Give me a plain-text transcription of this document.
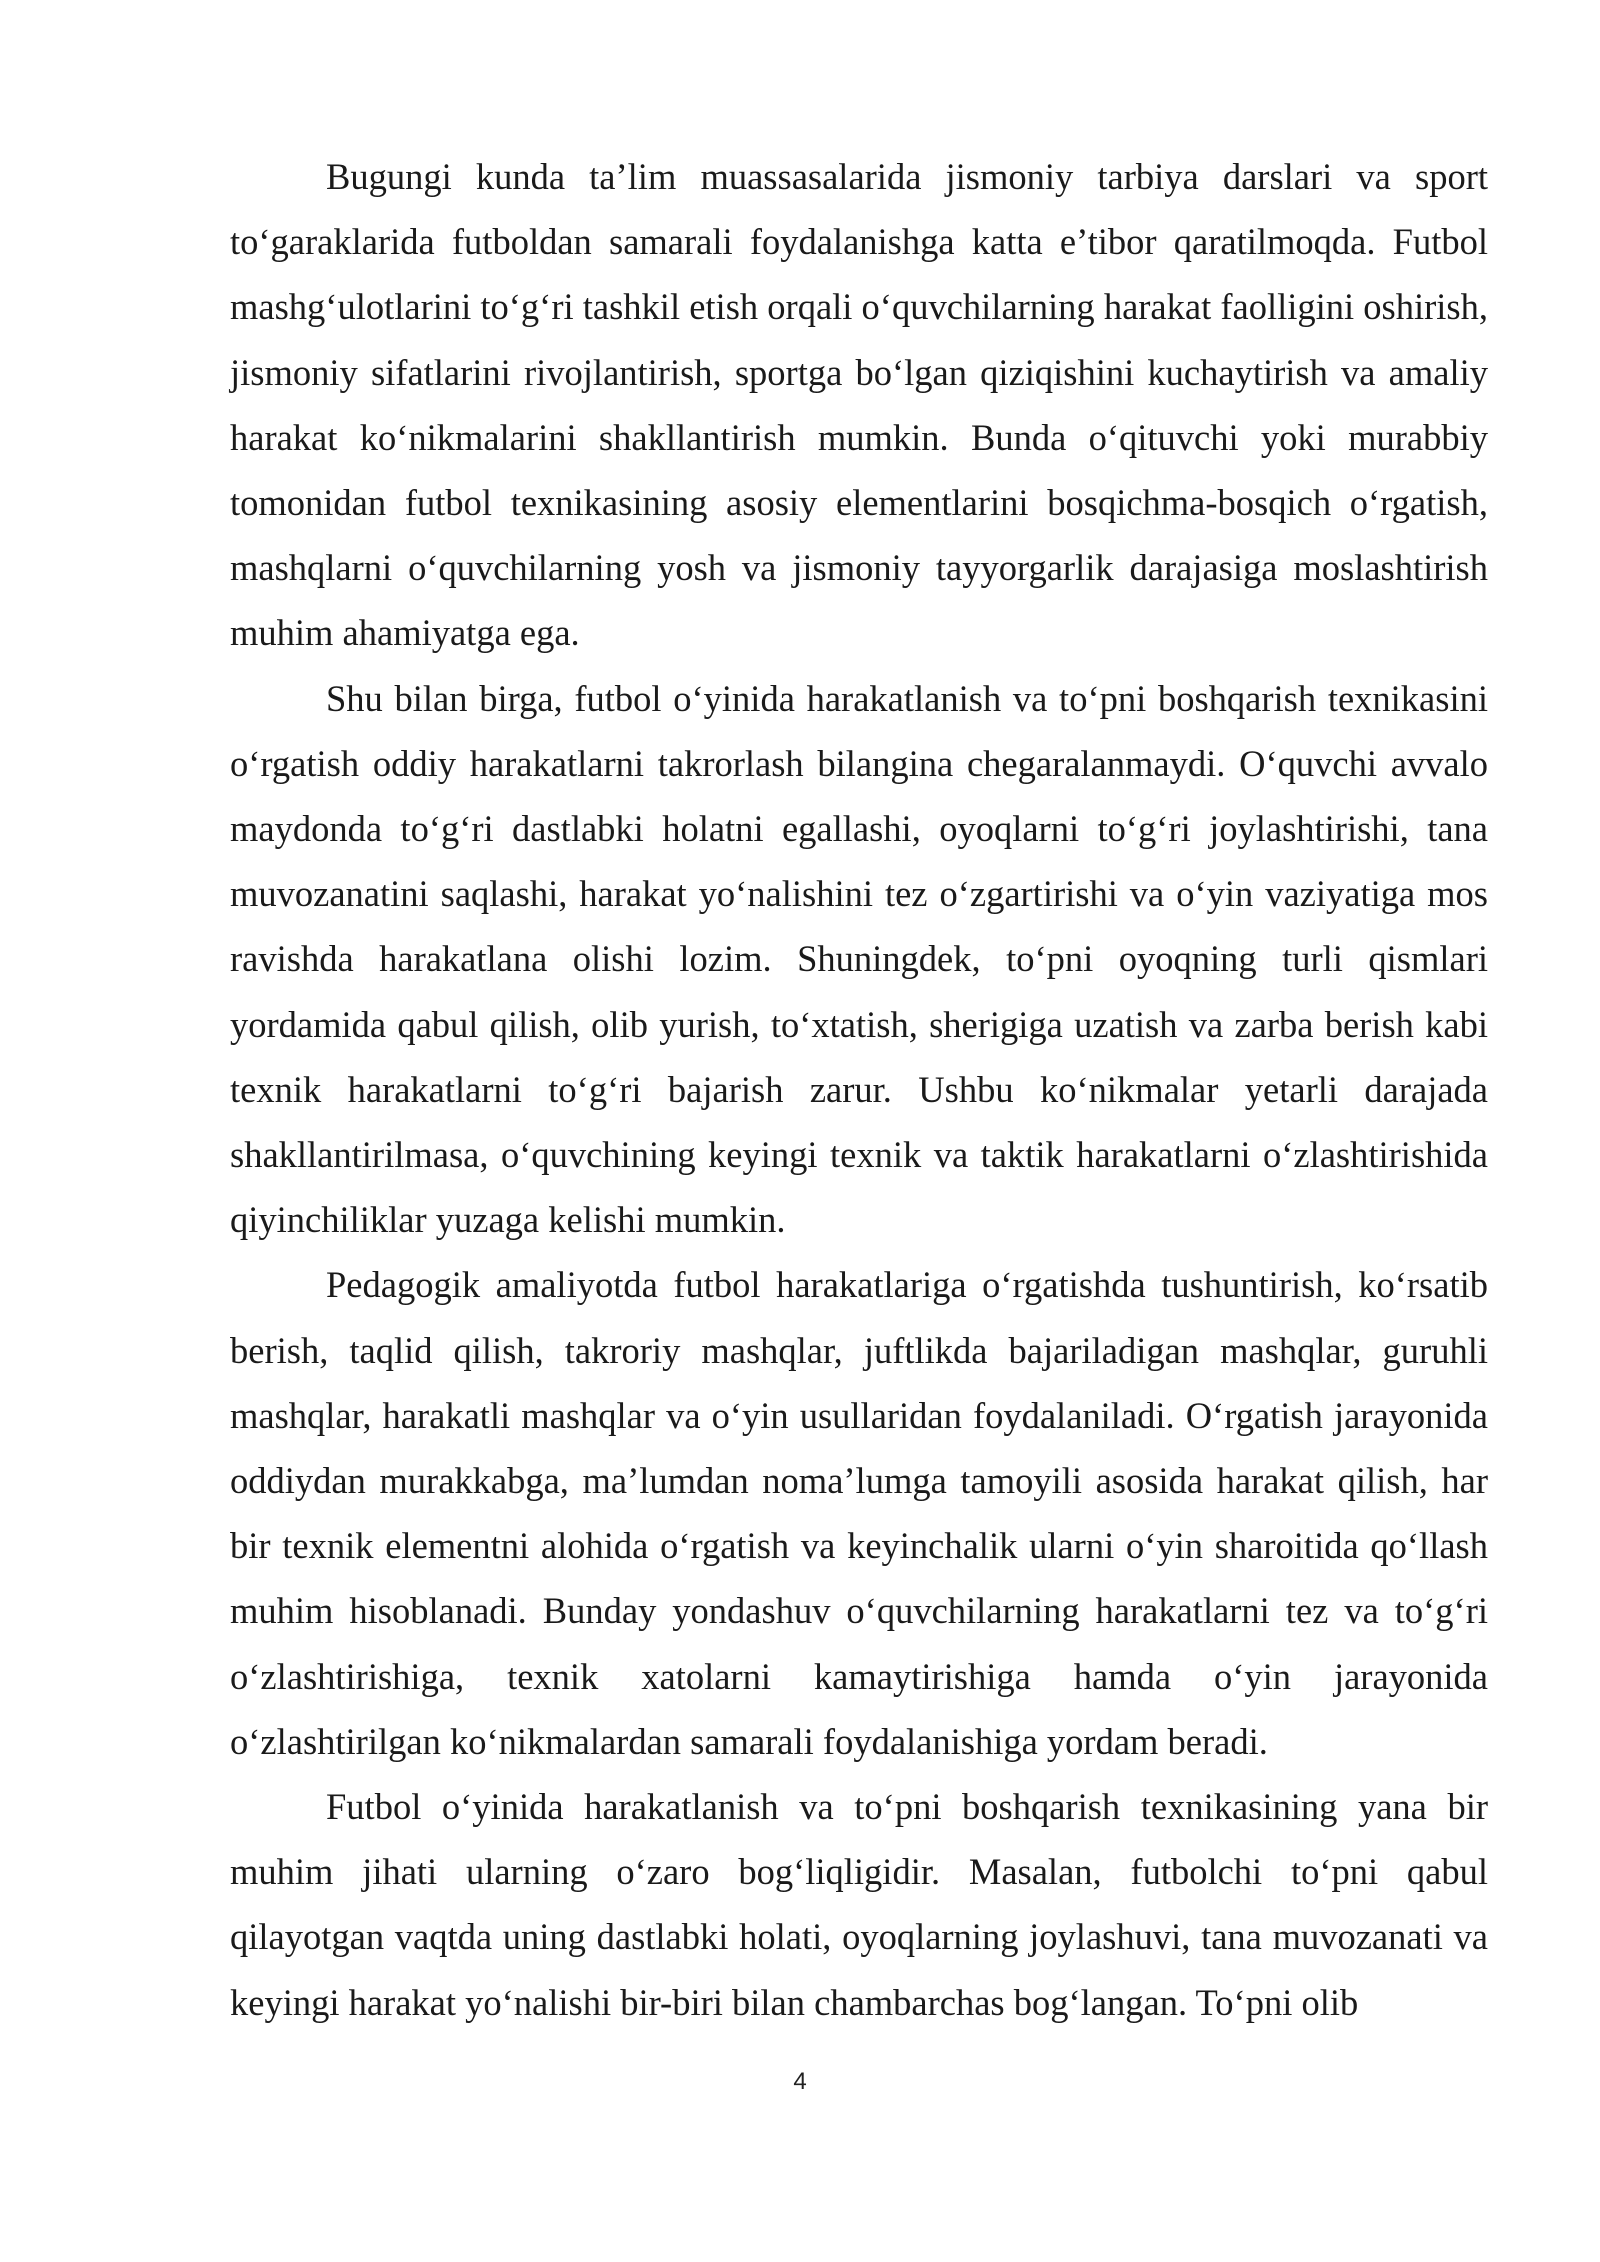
Bugungi kunda ta’lim muassasalarida jismoniy tarbiya darslari va sport to‘garaklarida futboldan samarali foydalanishga katta e’tibor qaratilmoqda. Futbol mashg‘ulotlarini to‘g‘ri tashkil etish orqali o‘quvchilarning harakat faolligini oshirish, jismoniy sifatlarini rivojlantirish, sportga bo‘lgan qiziqishini kuchaytirish va amaliy harakat ko‘nikmalarini shakllantirish mumkin. Bunda o‘qituvchi yoki murabbiy tomonidan futbol texnikasining asosiy elementlarini bosqichma-bosqich o‘rgatish, mashqlarni o‘quvchilarning yosh va jismoniy tayyorgarlik darajasiga moslashtirish muhim ahamiyatga ega.

Shu bilan birga, futbol o‘yinida harakatlanish va to‘pni boshqarish texnikasini o‘rgatish oddiy harakatlarni takrorlash bilangina chegaralanmaydi. O‘quvchi avvalo maydonda to‘g‘ri dastlabki holatni egallashi, oyoqlarni to‘g‘ri joylashtirishi, tana muvozanatini saqlashi, harakat yo‘nalishini tez o‘zgartirishi va o‘yin vaziyatiga mos ravishda harakatlana olishi lozim. Shuningdek, to‘pni oyoqning turli qismlari yordamida qabul qilish, olib yurish, to‘xtatish, sherigiga uzatish va zarba berish kabi texnik harakatlarni to‘g‘ri bajarish zarur. Ushbu ko‘nikmalar yetarli darajada shakllantirilmasa, o‘quvchining keyingi texnik va taktik harakatlarni o‘zlashtirishida qiyinchiliklar yuzaga kelishi mumkin.

Pedagogik amaliyotda futbol harakatlariga o‘rgatishda tushuntirish, ko‘rsatib berish, taqlid qilish, takroriy mashqlar, juftlikda bajariladigan mashqlar, guruhli mashqlar, harakatli mashqlar va o‘yin usullaridan foydalaniladi. O‘rgatish jarayonida oddiydan murakkabga, ma’lumdan noma’lumga tamoyili asosida harakat qilish, har bir texnik elementni alohida o‘rgatish va keyinchalik ularni o‘yin sharoitida qo‘llash muhim hisoblanadi. Bunday yondashuv o‘quvchilarning harakatlarni tez va to‘g‘ri o‘zlashtirishiga, texnik xatolarni kamaytirishiga hamda o‘yin jarayonida o‘zlashtirilgan ko‘nikmalardan samarali foydalanishiga yordam beradi.

Futbol o‘yinida harakatlanish va to‘pni boshqarish texnikasining yana bir muhim jihati ularning o‘zaro bog‘liqligidir. Masalan, futbolchi to‘pni qabul qilayotgan vaqtda uning dastlabki holati, oyoqlarning joylashuvi, tana muvozanati va keyingi harakat yo‘nalishi bir-biri bilan chambarchas bog‘langan. To‘pni olib

4
